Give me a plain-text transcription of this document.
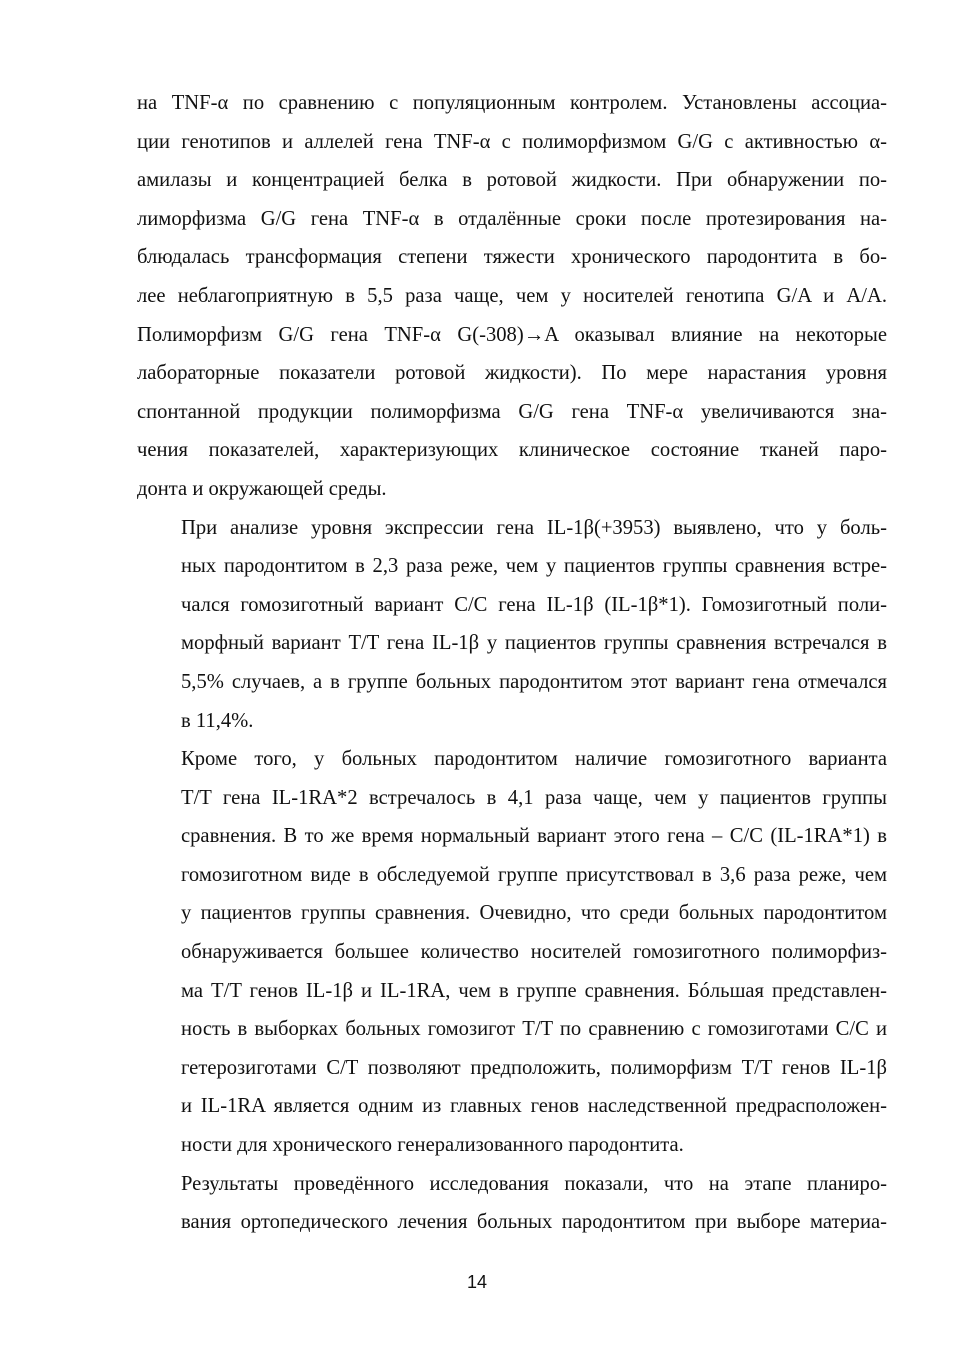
на TNF-α по сравнению с популяционным контролем. Установлены ассоциа-
ции генотипов и аллелей гена TNF-α с полиморфизмом G/G с активностью α-
амилазы и концентрацией белка в ротовой жидкости. При обнаружении по-
лиморфизма G/G гена TNF-α в отдалённые сроки после протезирования на-
блюдалась трансформация степени тяжести хронического пародонтита в бо-
лее неблагоприятную в 5,5 раза чаще, чем у носителей генотипа G/A и A/A.
Полиморфизм G/G гена TNF-α G(-308)→A оказывал влияние на некоторые
лабораторные показатели ротовой жидкости). По мере нарастания уровня
спонтанной продукции полиморфизма G/G гена TNF-α увеличиваются зна-
чения показателей, характеризующих клиническое состояние тканей паро-
донта и окружающей среды.

При анализе уровня экспрессии гена IL-1β(+3953) выявлено, что у боль-
ных пародонтитом в 2,3 раза реже, чем у пациентов группы сравнения встре-
чался гомозиготный вариант C/C гена IL-1β (IL-1β*1). Гомозиготный поли-
морфный вариант T/T гена IL-1β у пациентов группы сравнения встречался в
5,5% случаев, а в группе больных пародонтитом этот вариант гена отмечался
в 11,4%.

Кроме того, у больных пародонтитом наличие гомозиготного варианта
T/T гена IL-1RA*2 встречалось в 4,1 раза чаще, чем у пациентов группы
сравнения. В то же время нормальный вариант этого гена – C/C (IL-1RA*1) в
гомозиготном виде в обследуемой группе присутствовал в 3,6 раза реже, чем
у пациентов группы сравнения. Очевидно, что среди больных пародонтитом
обнаруживается большее количество носителей гомозиготного полиморфиз-
ма T/T генов IL-1β и IL-1RA, чем в группе сравнения. Бóльшая представлен-
ность в выборках больных гомозигот T/T по сравнению с гомозиготами C/C и
гетерозиготами C/T позволяют предположить, полиморфизм T/T генов IL-1β
и IL-1RA является одним из главных генов наследственной предрасположен-
ности для хронического генерализованного пародонтита.

Результаты проведённого исследования показали, что на этапе планиро-
вания ортопедического лечения больных пародонтитом при выборе материа-

14
